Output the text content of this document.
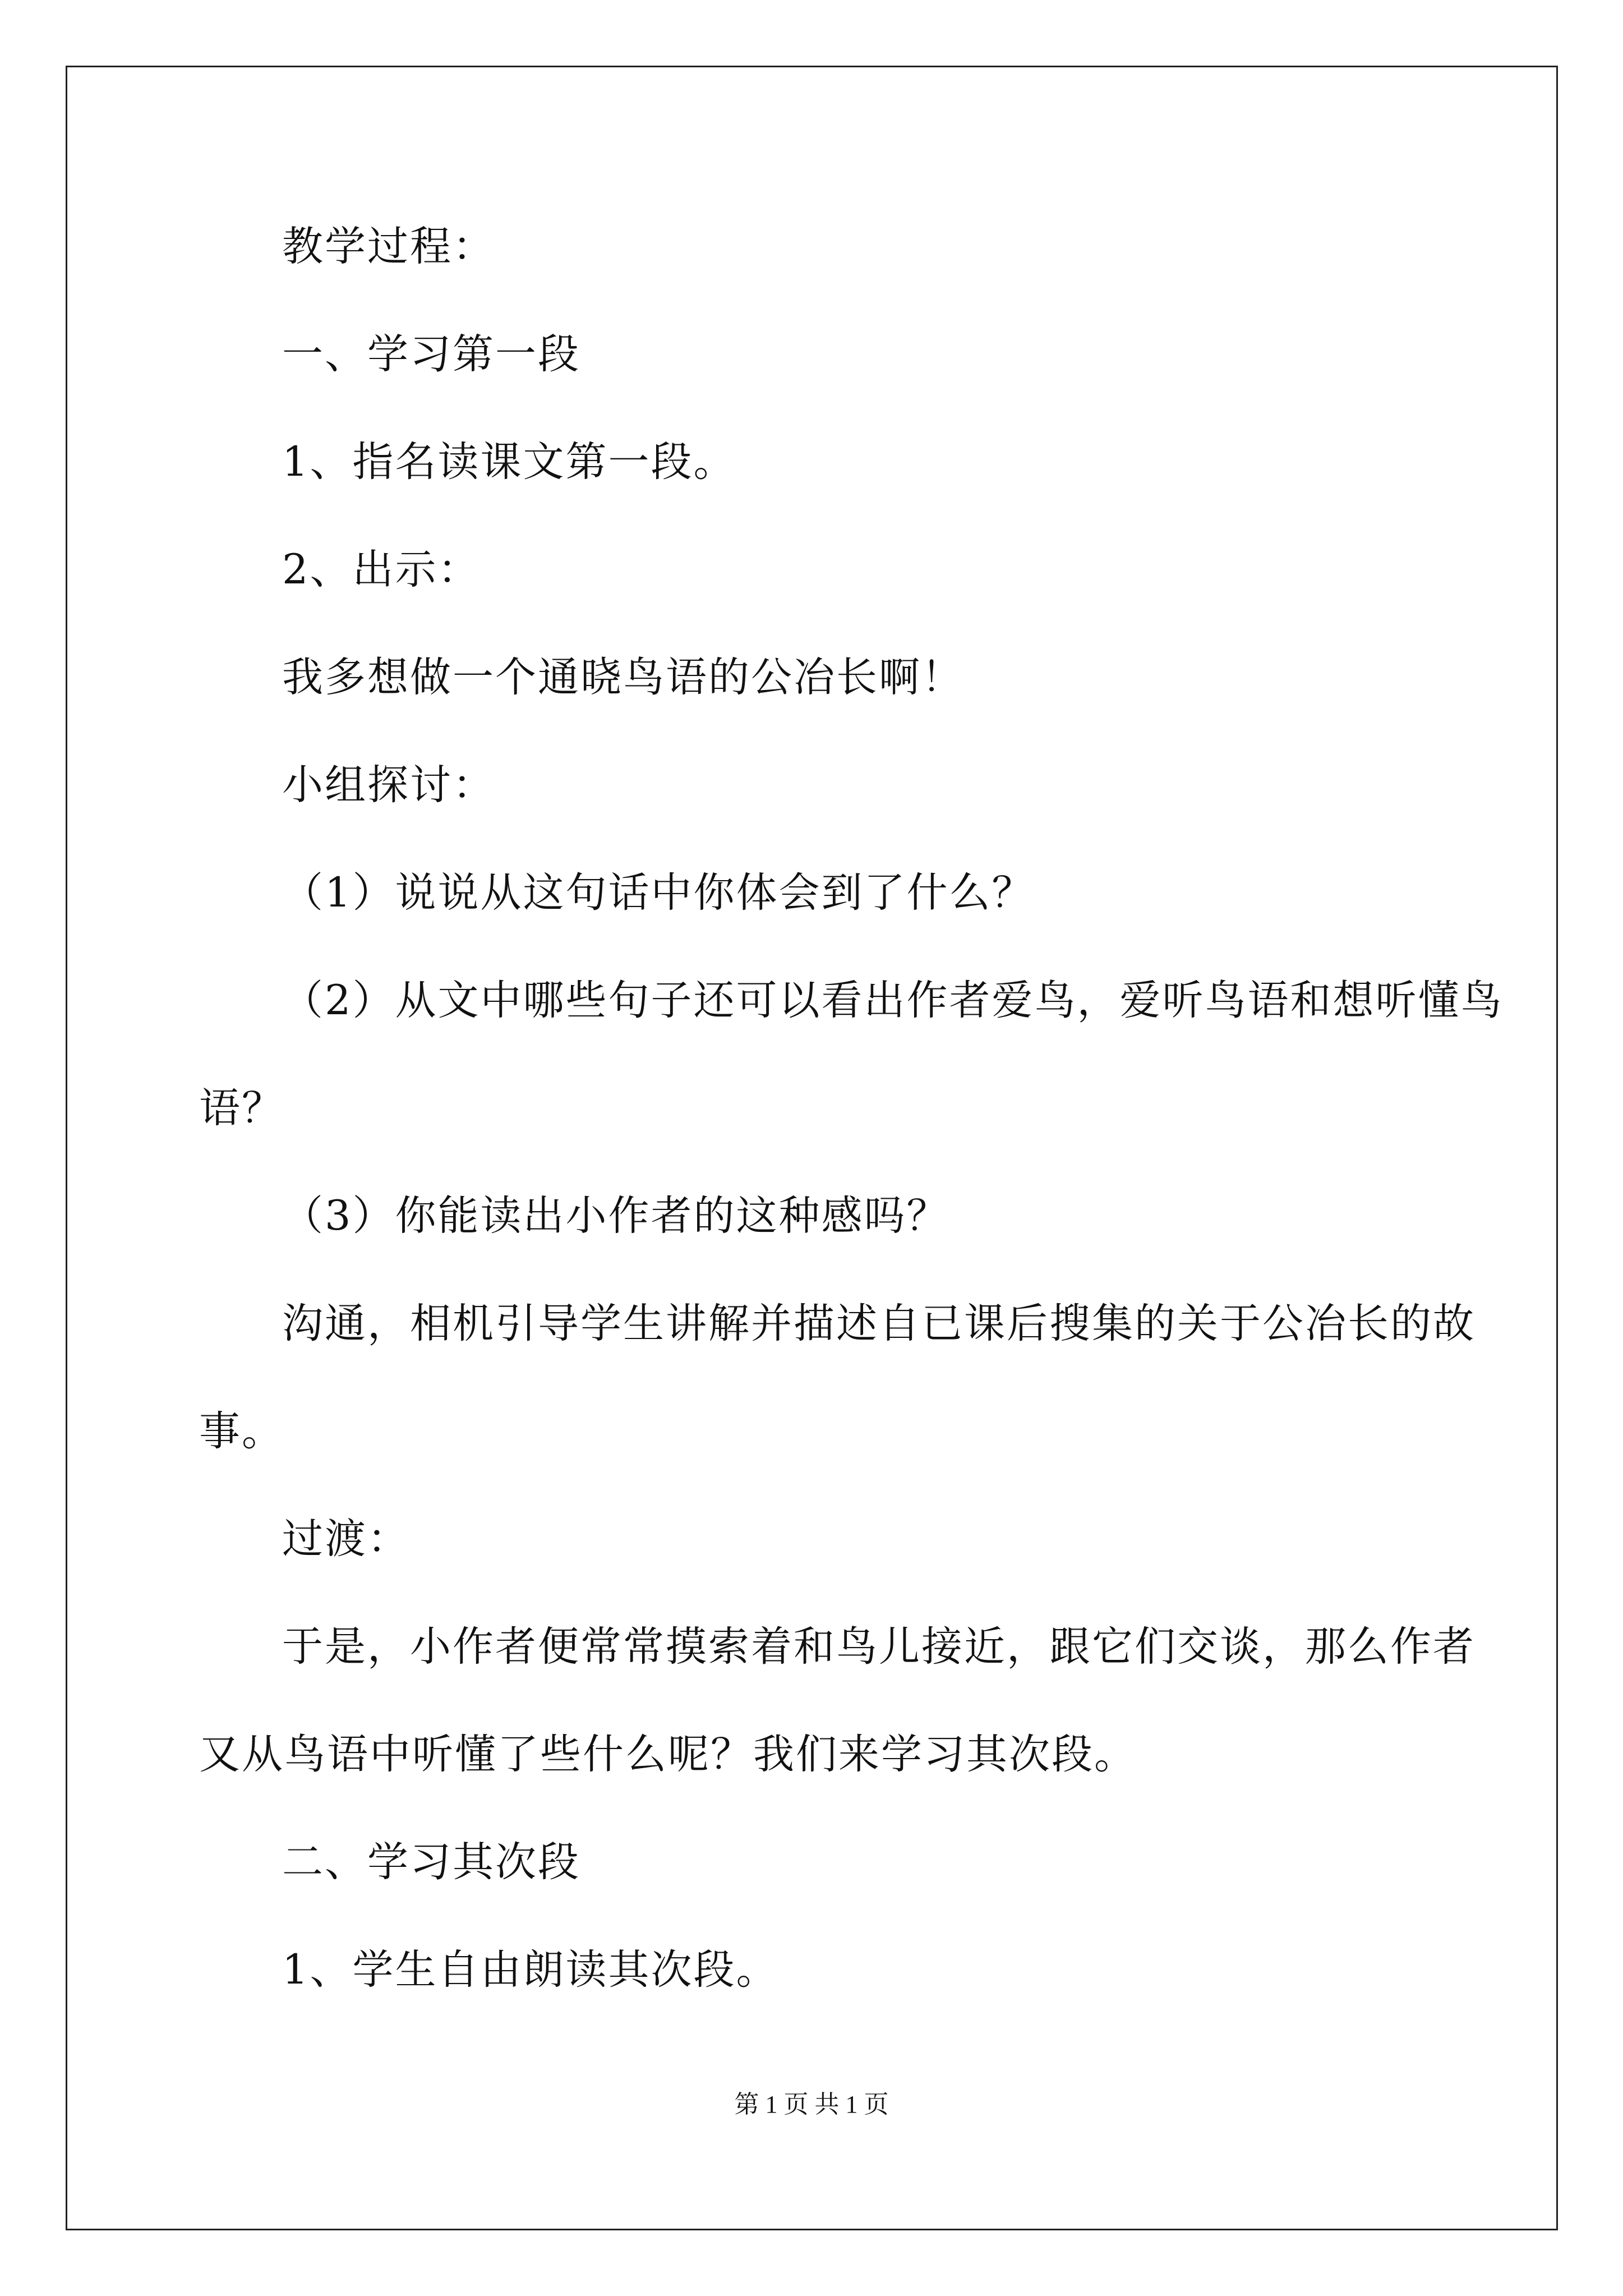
教学过程：
一、学习第一段
1、指名读课文第一段。
2、出示：
我多想做一个通晓鸟语的公冶长啊！
小组探讨：
（1）说说从这句话中你体会到了什么？
（2）从文中哪些句子还可以看出作者爱鸟，爱听鸟语和想听懂鸟
语？
（3）你能读出小作者的这种感吗？
沟通，相机引导学生讲解并描述自已课后搜集的关于公冶长的故
事。
过渡：
于是，小作者便常常摸索着和鸟儿接近，跟它们交谈，那么作者
又从鸟语中听懂了些什么呢？我们来学习其次段。
二、学习其次段
1、学生自由朗读其次段。
第 1 页 共 1 页
